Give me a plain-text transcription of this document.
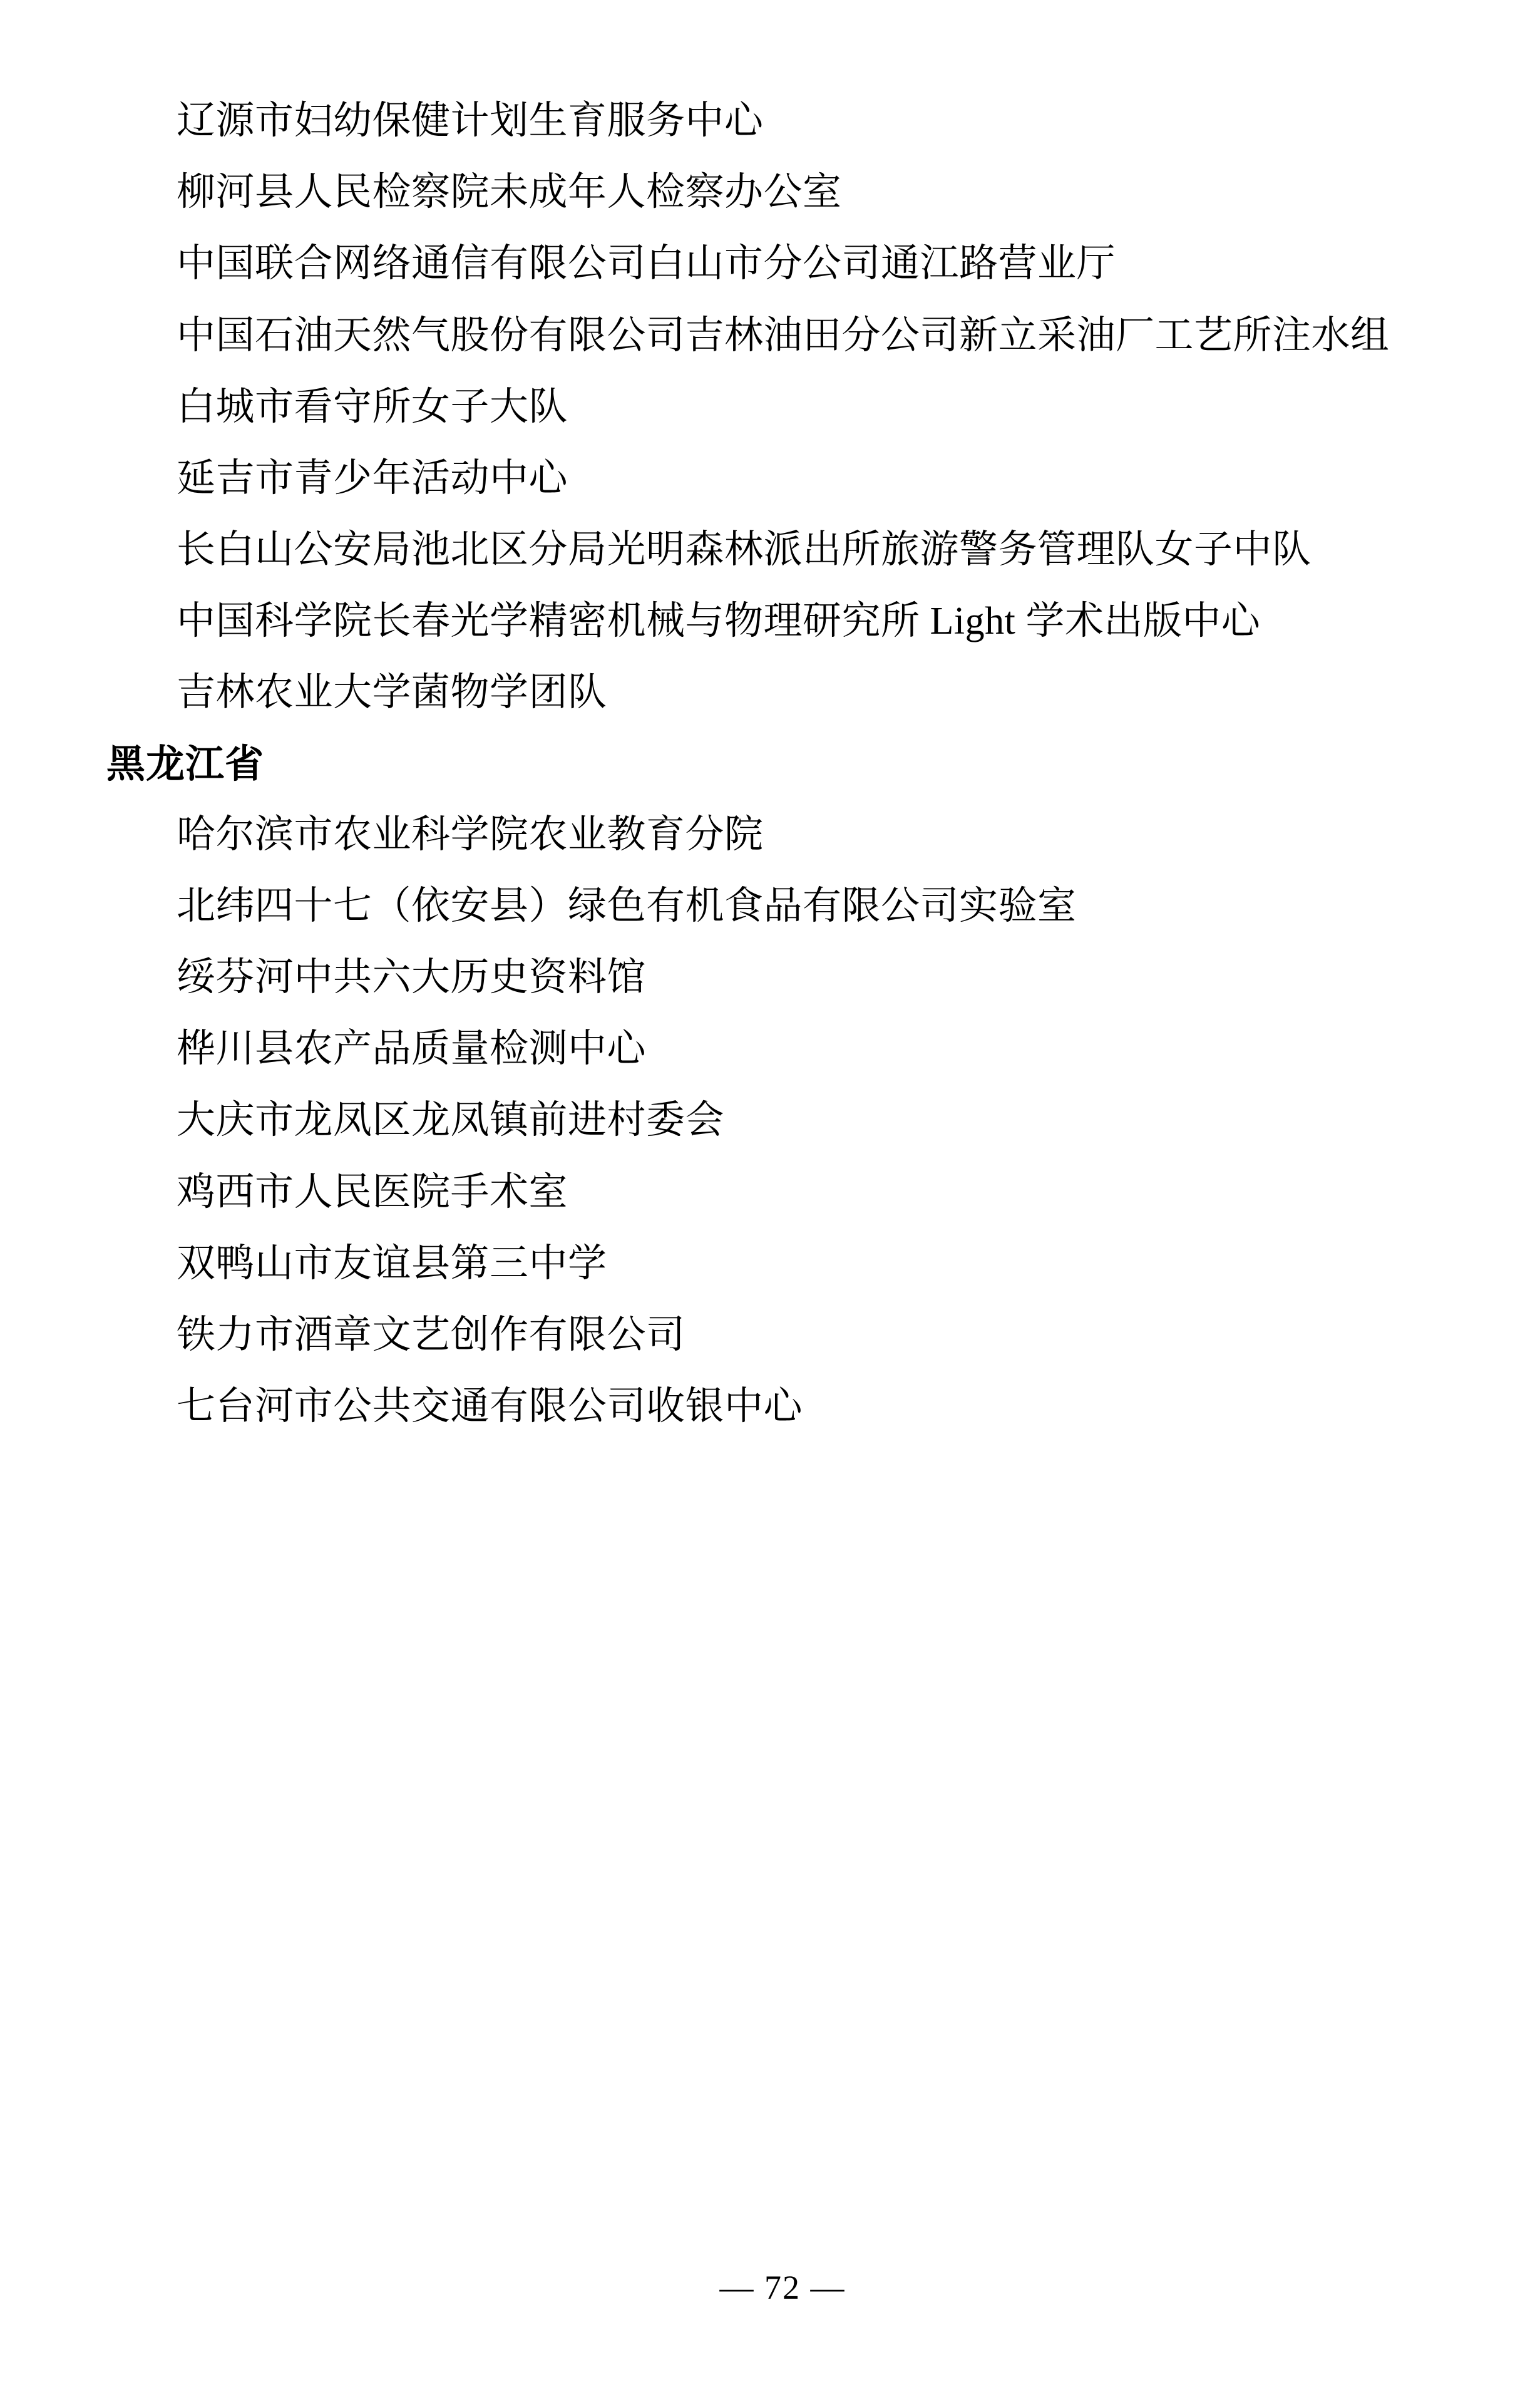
辽源市妇幼保健计划生育服务中心

柳河县人民检察院未成年人检察办公室

中国联合网络通信有限公司白山市分公司通江路营业厅

中国石油天然气股份有限公司吉林油田分公司新立采油厂工艺所注水组

白城市看守所女子大队

延吉市青少年活动中心

长白山公安局池北区分局光明森林派出所旅游警务管理队女子中队

中国科学院长春光学精密机械与物理研究所 Light 学术出版中心

吉林农业大学菌物学团队

黑龙江省

哈尔滨市农业科学院农业教育分院

北纬四十七（依安县）绿色有机食品有限公司实验室

绥芬河中共六大历史资料馆

桦川县农产品质量检测中心

大庆市龙凤区龙凤镇前进村委会

鸡西市人民医院手术室

双鸭山市友谊县第三中学

铁力市酒章文艺创作有限公司

七台河市公共交通有限公司收银中心

— 72 —
